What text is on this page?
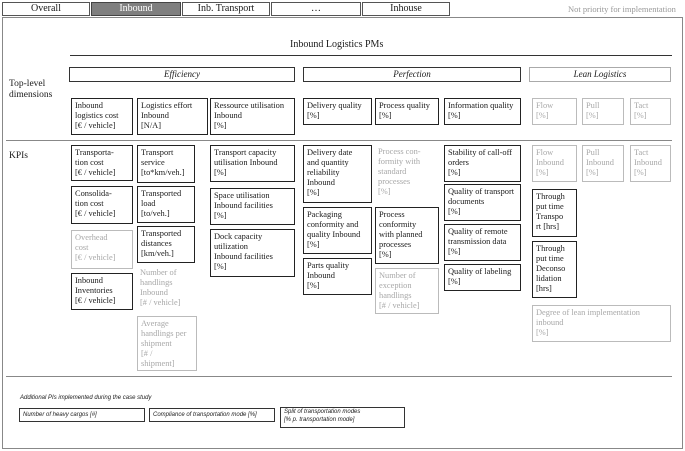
Overall	Inbound	Inb. Transport	…	Inhouse	Not priority for implementation
Inbound Logistics PMs
Top-level
dimensions
KPIs
Efficiency	Perfection	Lean Logistics
Inbound
logistics cost
[€ / vehicle]
Logistics effort
Inbound
[N/A]
Ressource utilisation
Inbound
[%]
Delivery quality
[%]
Process quality
[%]
Information quality
[%]
Flow
[%]
Pull
[%]
Tact
[%]
Transporta-
tion cost
[€ / vehicle]
Consolida-
tion cost
[€ / vehicle]
Overhead
cost
[€ / vehicle]
Inbound
Inventories
[€ / vehicle]
Transport
service
[to*km/veh.]
Transported
load
[to/veh.]
Transported
distances
[km/veh.]
Number of
handlings
Inbound
[# / vehicle]
Average
handlings per
shipment
[# /
shipment]
Transport capacity
utilisation Inbound
[%]
Space utilisation
Inbound facilities
[%]
Dock capacity
utilization
Inbound facilities
[%]
Delivery date
and quantity
reliability
Inbound
[%]
Packaging
conformity and
quality Inbound
[%]
Parts quality
Inbound
[%]
Process con-
formity with
standard
processes
[%]
Process
conformity
with planned
processes
[%]
Number of
exception
handlings
[# / vehicle]
Stability of call-off
orders
[%]
Quality of transport
documents
[%]
Quality of remote
transmission data
[%]
Quality of labeling
[%]
Flow
Inbound
[%]
Pull
Inbound
[%]
Tact
Inbound
[%]
Through
put time
Transpo
rt [hrs]
Through
put time
Deconso
lidation
[hrs]
Degree of lean implementation
inbound
[%]
Additional PIs implemented during the case study
Number of heavy cargos [#]	Compliance of transportation mode [%]	Split of transportation modes
[% p. transportation mode]
